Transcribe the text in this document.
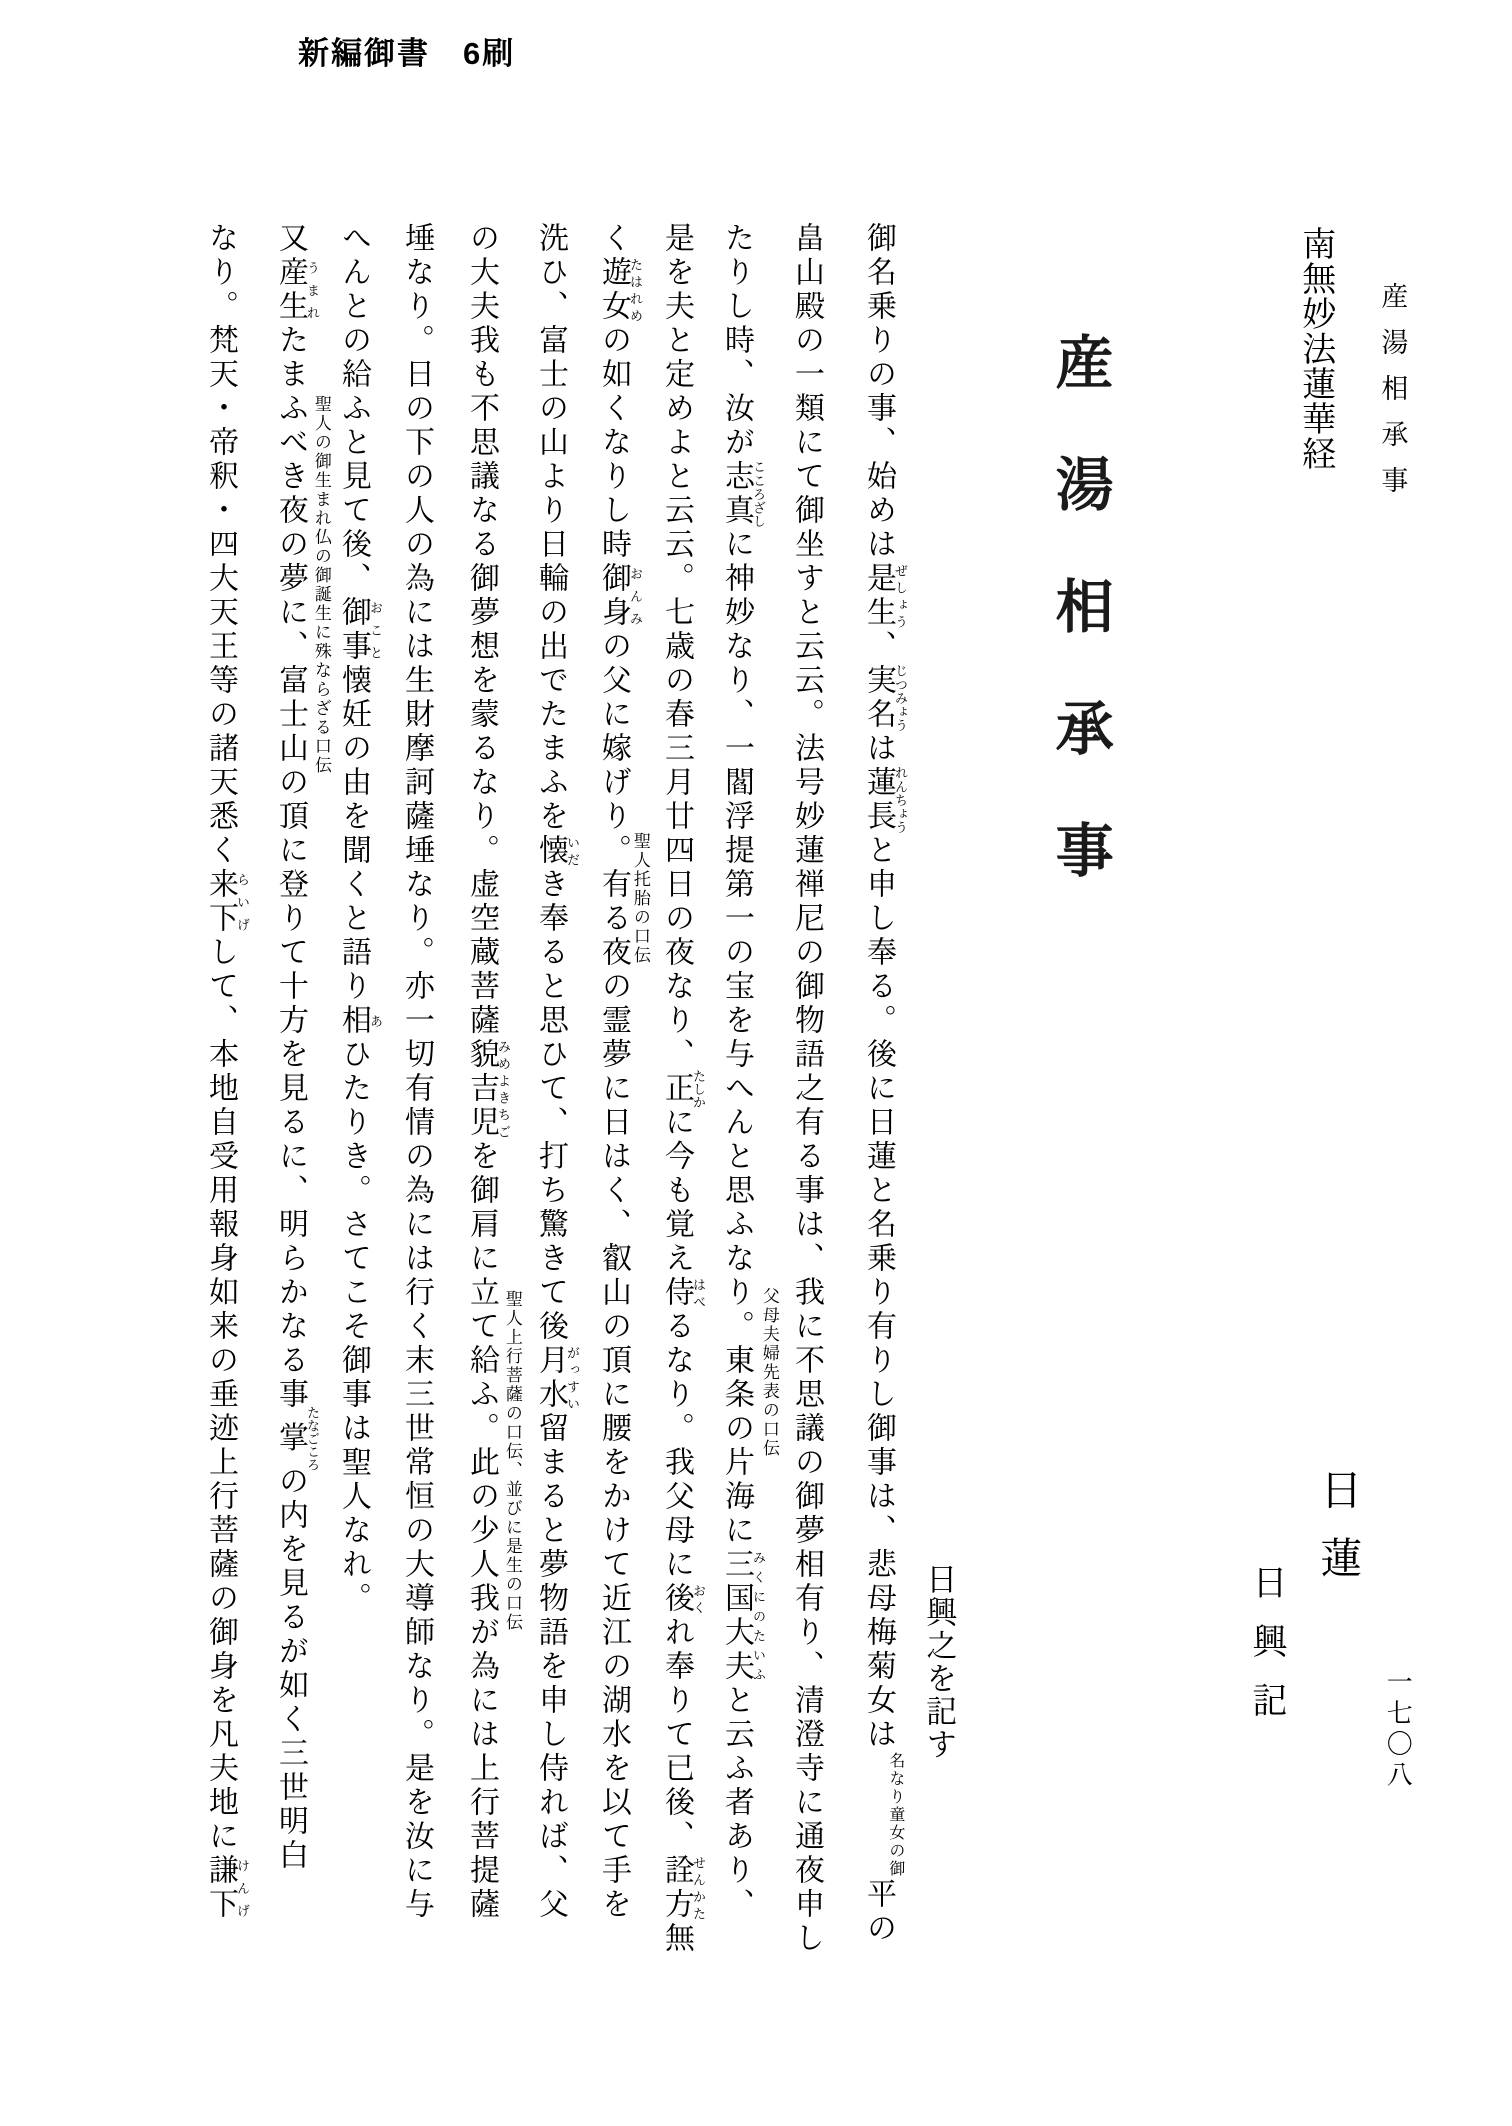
新編御書　6刷
産湯相承事
一七〇八
南無妙法蓮華経
産湯相承事
日蓮
日興記
日興之を記す
御名乗りの事、始めは是生ぜしょう、実名じつみょうは蓮長れんちょうと申し奉る。後に日蓮と名乗り有りし御事は、悲母梅菊女は
童女の御
名なり
平の
畠山殿の一類にて御坐すと云云。法号妙蓮禅尼の御物語之有る事は、我に不思議の御夢相有り、清澄寺に通夜申し
たりし時、汝が志真こころざしに神妙なり、一閻浮提第一の宝を与へんと思ふなり。東条の片海に三国大夫みくにのたいふと云ふ者あり、
是を夫と定めよと云云。七歳の春三月廿四日の夜なり、正たしかに今も覚え侍はべるなり。我父母に後おくれ奉りて已後、詮方せんかた無
く遊女たはれめの如くなりし時御身おんみの父に嫁げり。有る夜の霊夢に日はく、叡山の頂に腰をかけて近江の湖水を以て手を
洗ひ、富士の山より日輪の出でたまふを懐いだき奉ると思ひて、打ち驚きて後月水がっすい留まると夢物語を申し侍れば、父
の大夫我も不思議なる御夢想を蒙るなり。虚空蔵菩薩貌吉児みめよきちごを御肩に立て給ふ。此の少人我が為には上行菩提薩
埵なり。日の下の人の為には生財摩訶薩埵なり。亦一切有情の為には行く末三世常恒の大導師なり。是を汝に与
へんとの給ふと見て後、御事おこと懐妊の由を聞くと語り相あひたりき。さてこそ御事は聖人なれ。
又産生うまれたまふべき夜の夢に、富士山の頂に登りて十方を見るに、明らかなる事掌たなごころの内を見るが如く三世明白
なり。梵天・帝釈・四大天王等の諸天悉く来下らいげして、本地自受用報身如来の垂迹上行菩薩の御身を凡夫地に謙下けんげ
父母夫婦先表の口伝
聖人托胎の口伝
聖人上行菩薩の口伝、並びに是生の口伝
聖人の御生まれ仏の御誕生に殊ならざる口伝
